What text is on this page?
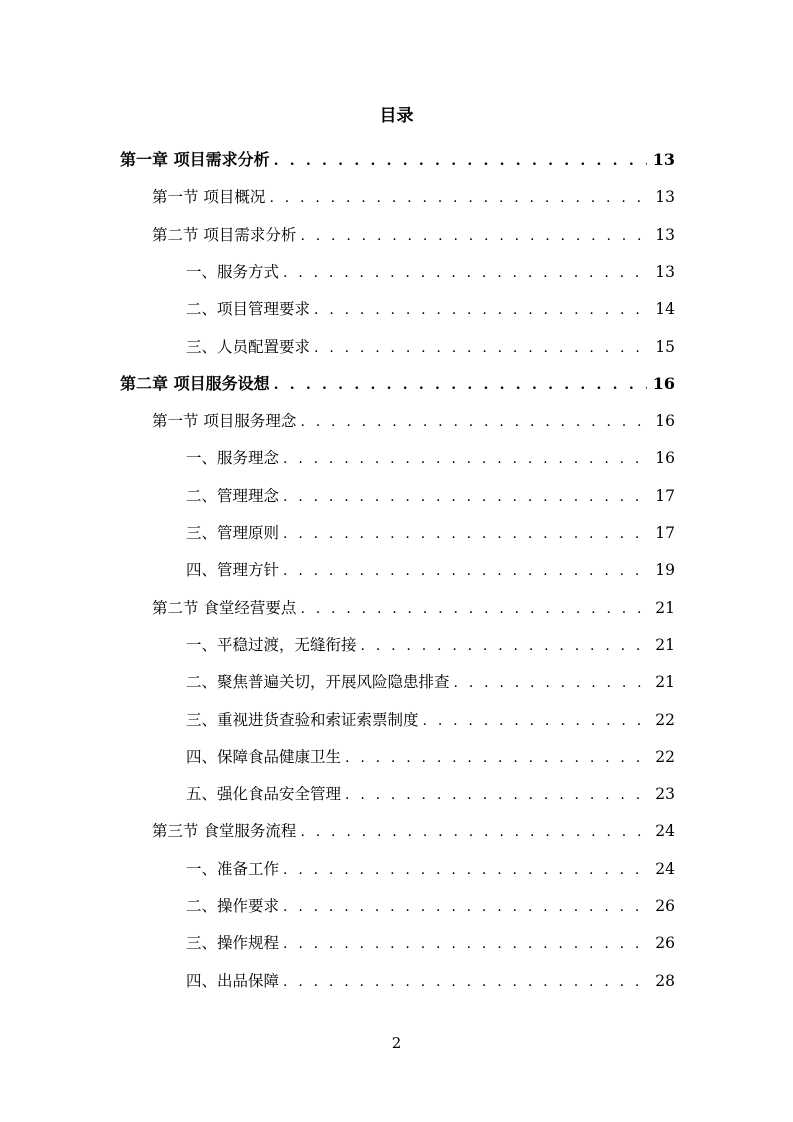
目录
第一章 项目需求分析 . . .	13
第一节 项目概况 . . .	13
第二节 项目需求分析 . . .	13
一、服务方式 . . .	13
二、项目管理要求 . . .	14
三、人员配置要求 . . .	15
第二章 项目服务设想 . . .	16
第一节 项目服务理念 . . .	16
一、服务理念 . . .	16
二、管理理念 . . .	17
三、管理原则 . . .	17
四、管理方针 . . .	19
第二节 食堂经营要点 . . .	21
一、平稳过渡，无缝衔接 . . .	21
二、聚焦普遍关切，开展风险隐患排查 . . .	21
三、重视进货查验和索证索票制度 . . .	22
四、保障食品健康卫生 . . .	22
五、强化食品安全管理 . . .	23
第三节 食堂服务流程 . . .	24
一、准备工作 . . .	24
二、操作要求 . . .	26
三、操作规程 . . .	26
四、出品保障 . . .	28
2
